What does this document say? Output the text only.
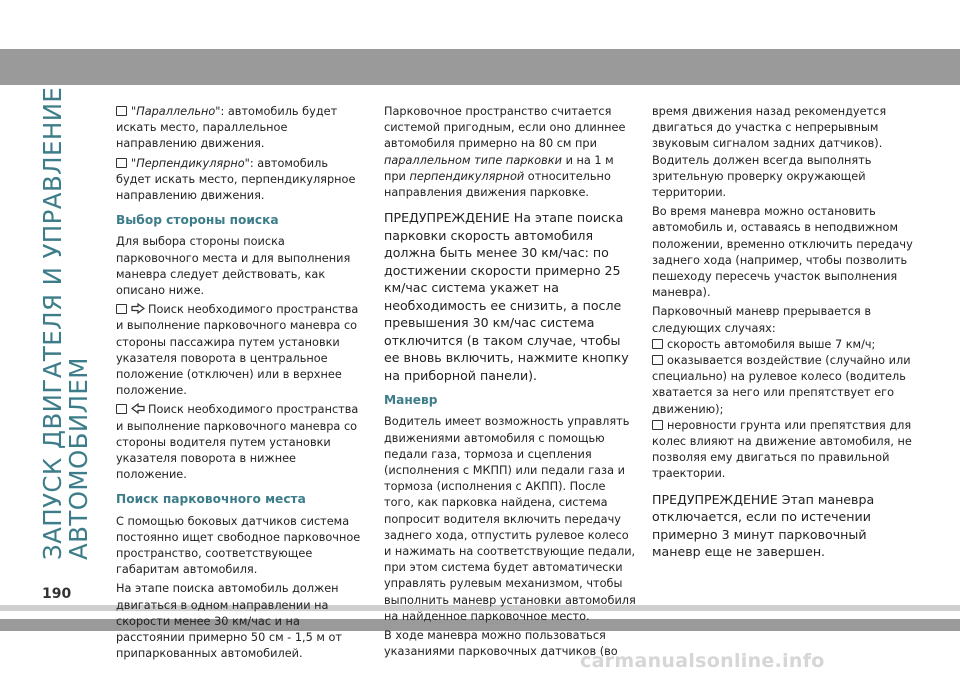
ЗАПУСК ДВИГАТЕЛЯ И УПРАВЛЕНИЕ
АВТОМОБИЛЕМ
190

"Параллельно": автомобиль будет искать место, параллельное направлению движения.

"Перпендикулярно": автомобиль будет искать место, перпендикулярное направлению движения.

Выбор стороны поиска

Для выбора стороны поиска парковочного места и для выполнения маневра следует действовать, как описано ниже.

Поиск необходимого пространства и выполнение парковочного маневра со стороны пассажира путем установки указателя поворота в центральное положение (отключен) или в верхнее положение.

Поиск необходимого пространства и выполнение парковочного маневра со стороны водителя путем установки указателя поворота в нижнее положение.

Поиск парковочного места

С помощью боковых датчиков система постоянно ищет свободное парковочное пространство, соответствующее габаритам автомобиля.

На этапе поиска автомобиль должен двигаться в одном направлении на скорости менее 30 км/час и на расстоянии примерно 50 см - 1,5 м от припаркованных автомобилей.

Парковочное пространство считается системой пригодным, если оно длиннее автомобиля примерно на 80 см при параллельном типе парковки и на 1 м при перпендикулярной относительно направления движения парковке.

ПРЕДУПРЕЖДЕНИЕ На этапе поиска парковки скорость автомобиля должна быть менее 30 км/час: по достижении скорости примерно 25 км/час система укажет на необходимость ее снизить, а после превышения 30 км/час система отключится (в таком случае, чтобы ее вновь включить, нажмите кнопку на приборной панели).

Маневр

Водитель имеет возможность управлять движениями автомобиля с помощью педали газа, тормоза и сцепления (исполнения с МКПП) или педали газа и тормоза (исполнения с АКПП). После того, как парковка найдена, система попросит водителя включить передачу заднего хода, отпустить рулевое колесо и нажимать на соответствующие педали, при этом система будет автоматически управлять рулевым механизмом, чтобы выполнить маневр установки автомобиля на найденное парковочное место.

В ходе маневра можно пользоваться указаниями парковочных датчиков (во

время движения назад рекомендуется двигаться до участка с непрерывным звуковым сигналом задних датчиков). Водитель должен всегда выполнять зрительную проверку окружающей территории.

Во время маневра можно остановить автомобиль и, оставаясь в неподвижном положении, временно отключить передачу заднего хода (например, чтобы позволить пешеходу пересечь участок выполнения маневра).

Парковочный маневр прерывается в следующих случаях:

скорость автомобиля выше 7 км/ч;

оказывается воздействие (случайно или специально) на рулевое колесо (водитель хватается за него или препятствует его движению);

неровности грунта или препятствия для колес влияют на движение автомобиля, не позволяя ему двигаться по правильной траектории.

ПРЕДУПРЕЖДЕНИЕ Этап маневра отключается, если по истечении примерно 3 минут парковочный маневр еще не завершен.

carmanualsonline.info
